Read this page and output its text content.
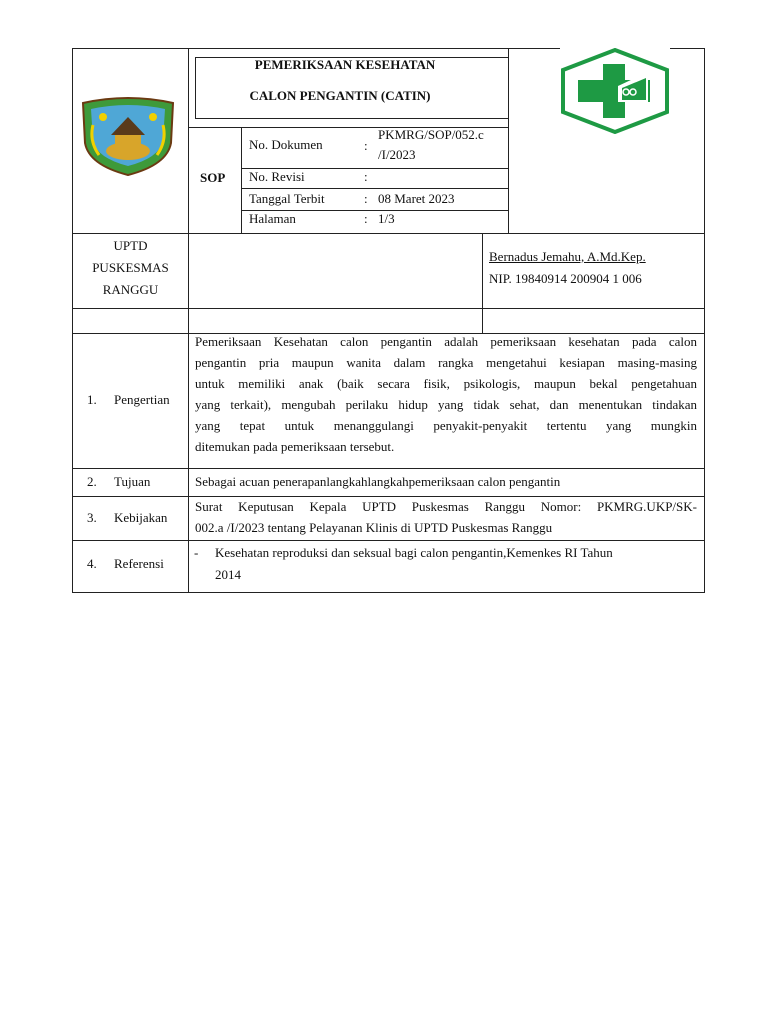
PEMERIKSAAN KESEHATAN
CALON PENGANTIN (CATIN)
SOP
No. Dokumen	:
PKMRG/SOP/052.c
/I/2023
No. Revisi	:
Tanggal Terbit	: 08 Maret 2023
Halaman	: 1/3
UPTD
PUSKESMAS
RANGGU
Bernadus Jemahu, A.Md.Kep.
NIP. 19840914 200904 1 006
1. Pengertian
Pemeriksaan Kesehatan calon pengantin adalah pemeriksaan kesehatan pada calon
pengantin pria maupun wanita dalam rangka mengetahui kesiapan masing-masing
untuk memiliki anak (baik secara fisik, psikologis, maupun bekal pengetahuan
yang terkait), mengubah perilaku hidup yang tidak sehat, dan menentukan tindakan
yang tepat untuk menanggulangi penyakit-penyakit tertentu yang mungkin
ditemukan pada pemeriksaan tersebut.
2. Tujuan	Sebagai acuan penerapanlangkahlangkahpemeriksaan calon pengantin
3. Kebijakan
Surat Keputusan Kepala UPTD Puskesmas Ranggu Nomor: PKMRG.UKP/SK-
002.a /I/2023 tentang Pelayanan Klinis di UPTD Puskesmas Ranggu
4. Referensi
- Kesehatan reproduksi dan seksual bagi calon pengantin,Kemenkes RI Tahun
2014
